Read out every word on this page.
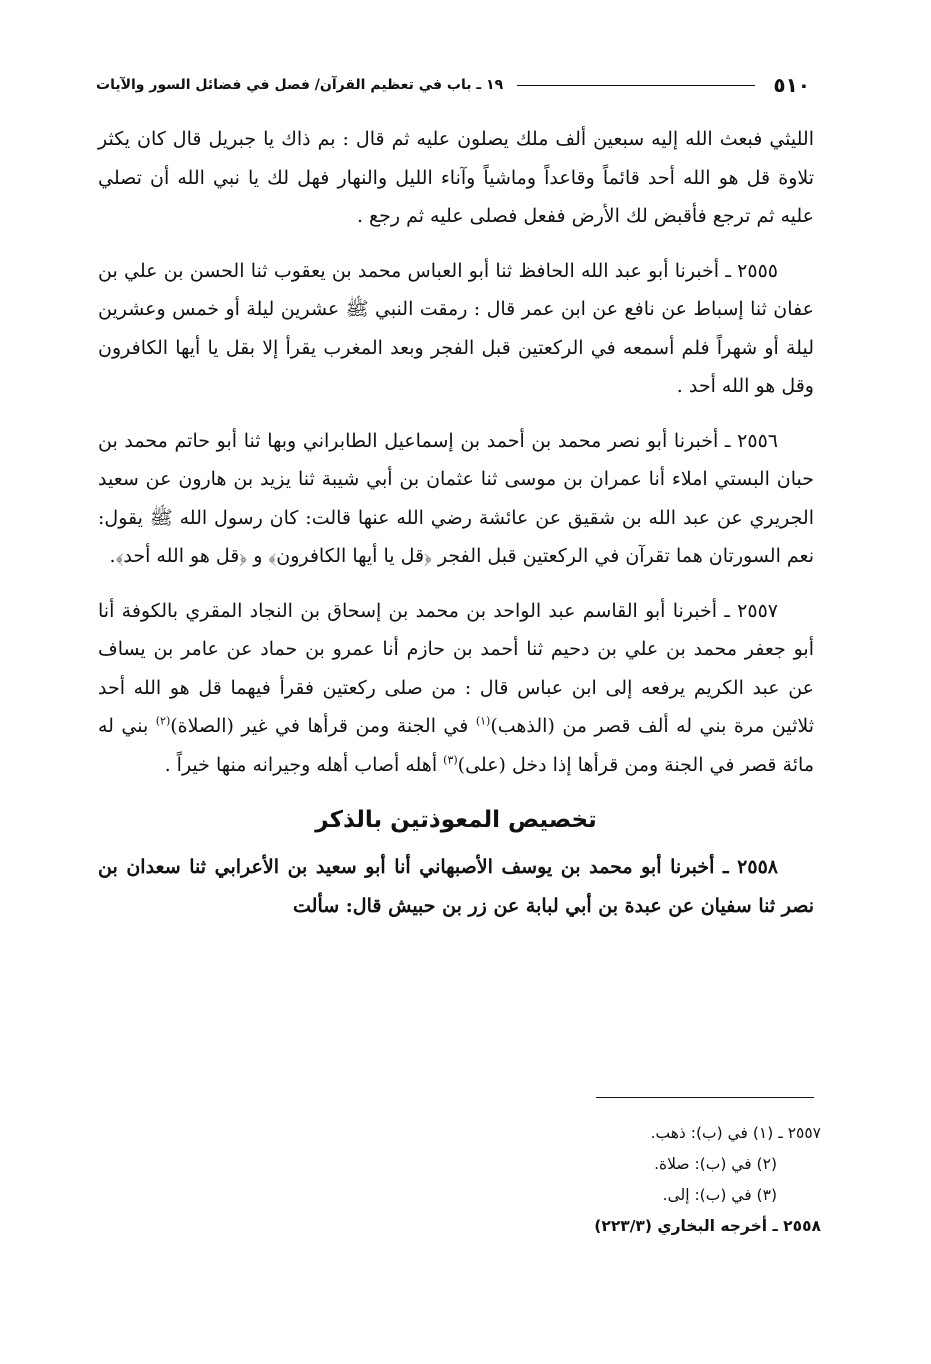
٥١٠
١٩ ـ باب في تعظيم القرآن/ فصل في فضائل السور والآيات

الليثي فبعث الله إليه سبعين ألف ملك يصلون عليه ثم قال : بم ذاك يا جبريل قال كان يكثر تلاوة قل هو الله أحد قائماً وقاعداً وماشياً وآناء الليل والنهار فهل لك يا نبي الله أن تصلي عليه ثم ترجع فأقبض لك الأرض ففعل فصلى عليه ثم رجع .

٢٥٥٥ ـ أخبرنا أبو عبد الله الحافظ ثنا أبو العباس محمد بن يعقوب ثنا الحسن بن علي بن عفان ثنا إسباط عن نافع عن ابن عمر قال : رمقت النبي ﷺ عشرين ليلة أو خمس وعشرين ليلة أو شهراً فلم أسمعه في الركعتين قبل الفجر وبعد المغرب يقرأ إلا بقل يا أيها الكافرون وقل هو الله أحد .

٢٥٥٦ ـ أخبرنا أبو نصر محمد بن أحمد بن إسماعيل الطابراني وبها ثنا أبو حاتم محمد بن حبان البستي املاء أنا عمران بن موسى ثنا عثمان بن أبي شيبة ثنا يزيد بن هارون عن سعيد الجريري عن عبد الله بن شقيق عن عائشة رضي الله عنها قالت: كان رسول الله ﷺ يقول: نعم السورتان هما تقرآن في الركعتين قبل الفجر ﴿قل يا أيها الكافرون﴾ و ﴿قل هو الله أحد﴾.

٢٥٥٧ ـ أخبرنا أبو القاسم عبد الواحد بن محمد بن إسحاق بن النجاد المقري بالكوفة أنا أبو جعفر محمد بن علي بن دحيم ثنا أحمد بن حازم أنا عمرو بن حماد عن عامر بن يساف عن عبد الكريم يرفعه إلى ابن عباس قال : من صلى ركعتين فقرأ فيهما قل هو الله أحد ثلاثين مرة بني له ألف قصر من (الذهب)$^{(١)}$ في الجنة ومن قرأها في غير (الصلاة)$^{(٢)}$ بني له مائة قصر في الجنة ومن قرأها إذا دخل (على)$^{(٣)}$ أهله أصاب أهله وجيرانه منها خيراً .

تخصيص المعوذتين بالذكر

٢٥٥٨ ـ أخبرنا أبو محمد بن يوسف الأصبهاني أنا أبو سعيد بن الأعرابي ثنا سعدان بن نصر ثنا سفيان عن عبدة بن أبي لبابة عن زر بن حبيش قال: سألت

٢٥٥٧ ـ (١) في (ب): ذهب.

(٢) في (ب): صلاة.

(٣) في (ب): إلى.

٢٥٥٨ ـ أخرجه البخاري (٢٢٣/٣)
